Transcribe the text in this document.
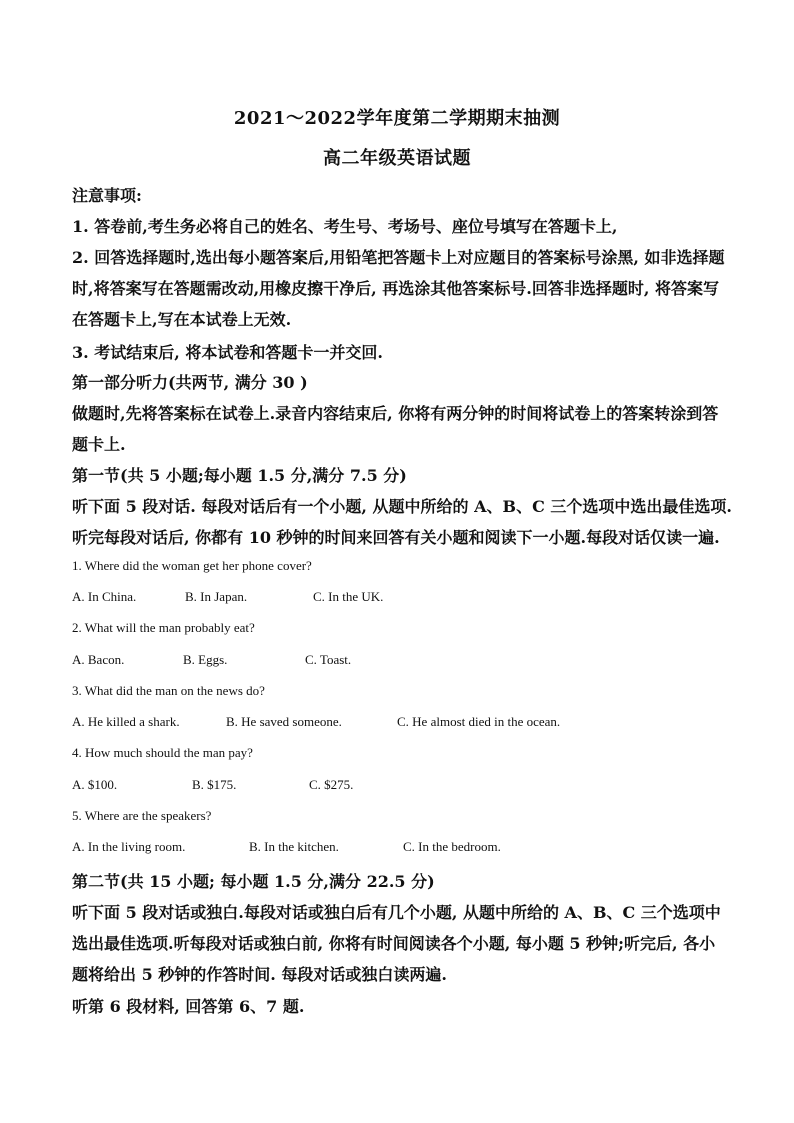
2021～2022学年度第二学期期末抽测
高二年级英语试题
注意事项:
1. 答卷前,考生务必将自己的姓名、考生号、考场号、座位号填写在答题卡上,
2. 回答选择题时,选出每小题答案后,用铅笔把答题卡上对应题目的答案标号涂黑, 如非选择题
时,将答案写在答题需改动,用橡皮擦干净后, 再选涂其他答案标号.回答非选择题时, 将答案写
在答题卡上,写在本试卷上无效.
3. 考试结束后, 将本试卷和答题卡一并交回.
第一部分听力(共两节, 满分 30 )
做题时,先将答案标在试卷上.录音内容结束后, 你将有两分钟的时间将试卷上的答案转涂到答
题卡上.
第一节(共 5 小题;每小题 1.5 分,满分 7.5 分)
听下面 5 段对话. 每段对话后有一个小题, 从题中所给的 A、B、C 三个选项中选出最佳选项.
听完每段对话后, 你都有 10 秒钟的时间来回答有关小题和阅读下一小题.每段对话仅读一遍.
1. Where did the woman get her phone cover?
A. In China.	B. In Japan.	C. In the UK.
2. What will the man probably eat?
A. Bacon.	B. Eggs.	C. Toast.
3. What did the man on the news do?
A. He killed a shark.	B. He saved someone.	C. He almost died in the ocean.
4. How much should the man pay?
A. $100.	B. $175.	C. $275.
5. Where are the speakers?
A. In the living room.	B. In the kitchen.	C. In the bedroom.
第二节(共 15 小题; 每小题 1.5 分,满分 22.5 分)
听下面 5 段对话或独白.每段对话或独白后有几个小题, 从题中所给的 A、B、C 三个选项中
选出最佳选项.听每段对话或独白前, 你将有时间阅读各个小题, 每小题 5 秒钟;听完后, 各小
题将给出 5 秒钟的作答时间. 每段对话或独白读两遍.
听第 6 段材料, 回答第 6、7 题.
